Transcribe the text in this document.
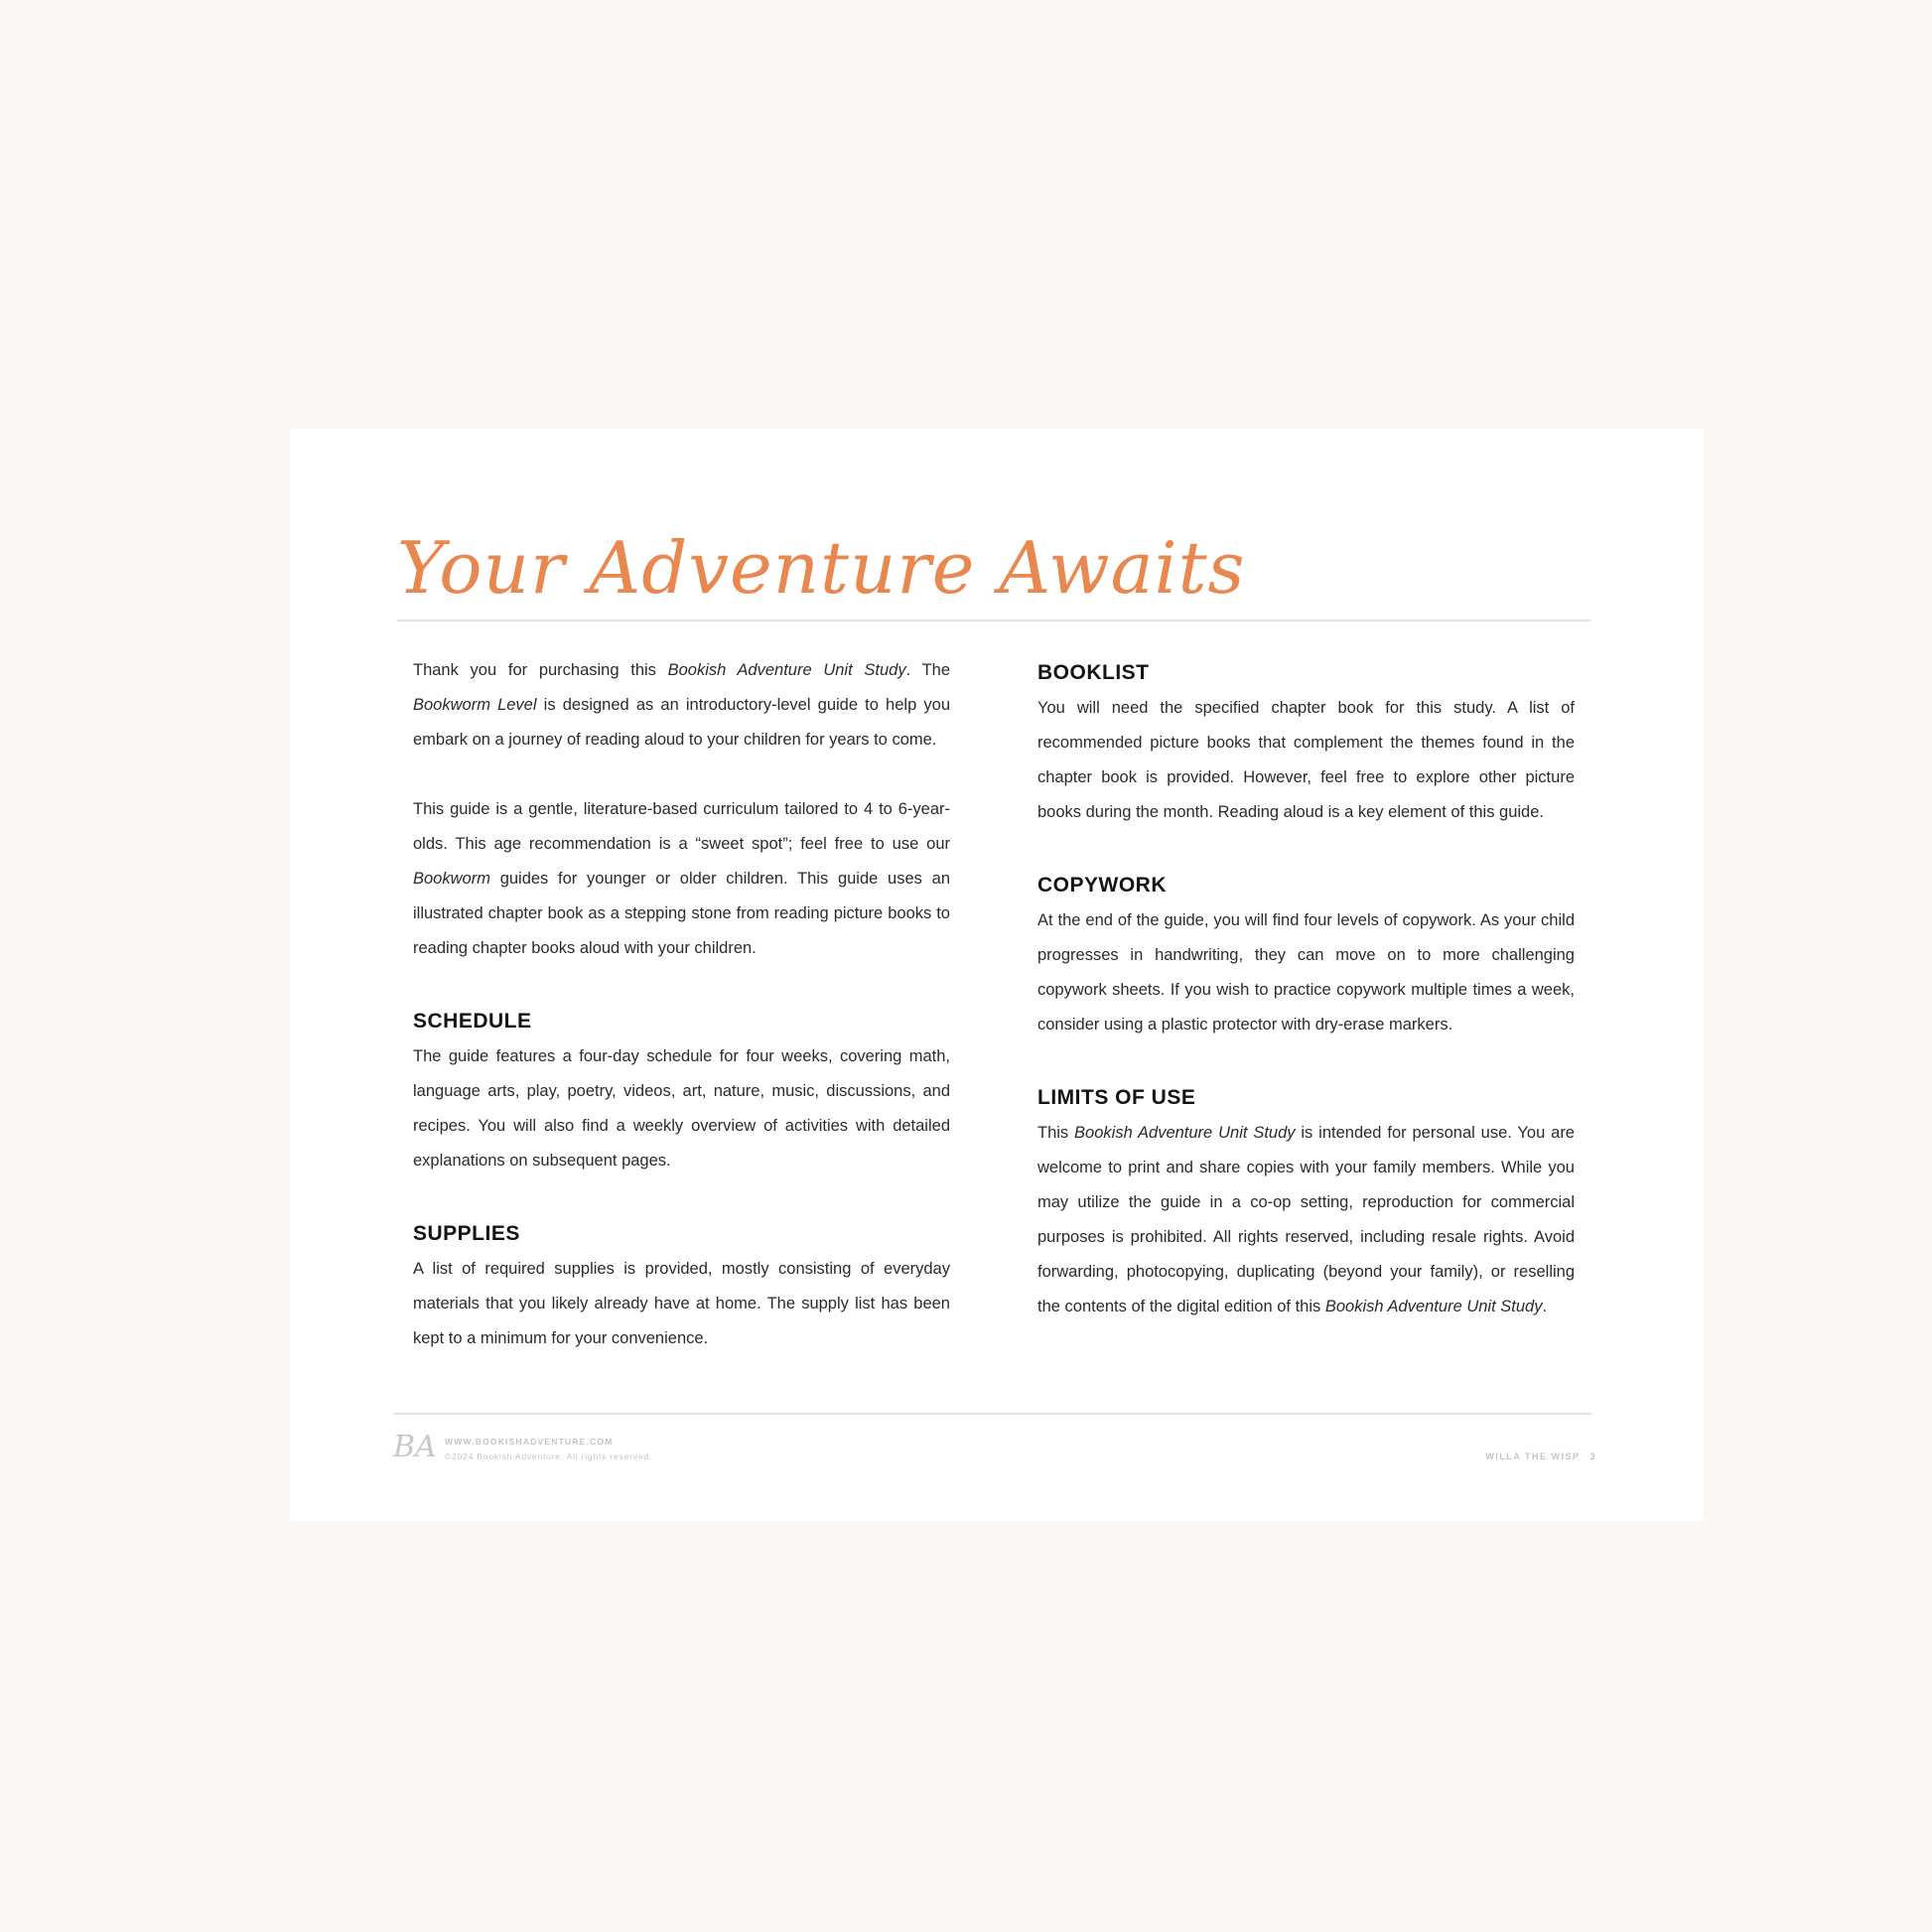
Your Adventure Awaits

Thank you for purchasing this Bookish Adventure Unit Study. The Bookworm Level is designed as an introductory-level guide to help you embark on a journey of reading aloud to your children for years to come.

This guide is a gentle, literature-based curriculum tailored to 4 to 6-year-olds. This age recommendation is a “sweet spot”; feel free to use our Bookworm guides for younger or older children. This guide uses an illustrated chapter book as a stepping stone from reading picture books to reading chapter books aloud with your children.

SCHEDULE

The guide features a four-day schedule for four weeks, covering math, language arts, play, poetry, videos, art, nature, music, discussions, and recipes. You will also find a weekly overview of activities with detailed explanations on subsequent pages.

SUPPLIES

A list of required supplies is provided, mostly consisting of everyday materials that you likely already have at home. The supply list has been kept to a minimum for your convenience.

BOOKLIST

You will need the specified chapter book for this study. A list of recommended picture books that complement the themes found in the chapter book is provided. However, feel free to explore other picture books during the month. Reading aloud is a key element of this guide.

COPYWORK

At the end of the guide, you will find four levels of copywork. As your child progresses in handwriting, they can move on to more challenging copywork sheets. If you wish to practice copywork multiple times a week, consider using a plastic protector with dry-erase markers.

LIMITS OF USE

This Bookish Adventure Unit Study is intended for personal use. You are welcome to print and share copies with your family members. While you may utilize the guide in a co-op setting, reproduction for commercial purposes is prohibited. All rights reserved, including resale rights. Avoid forwarding, photocopying, duplicating (beyond your family), or reselling the contents of the digital edition of this Bookish Adventure Unit Study.

BA WWW.BOOKISHADVENTURE.COM
©2024 Bookish Adventure. All rights reserved.	WILLA THE WISP 3
